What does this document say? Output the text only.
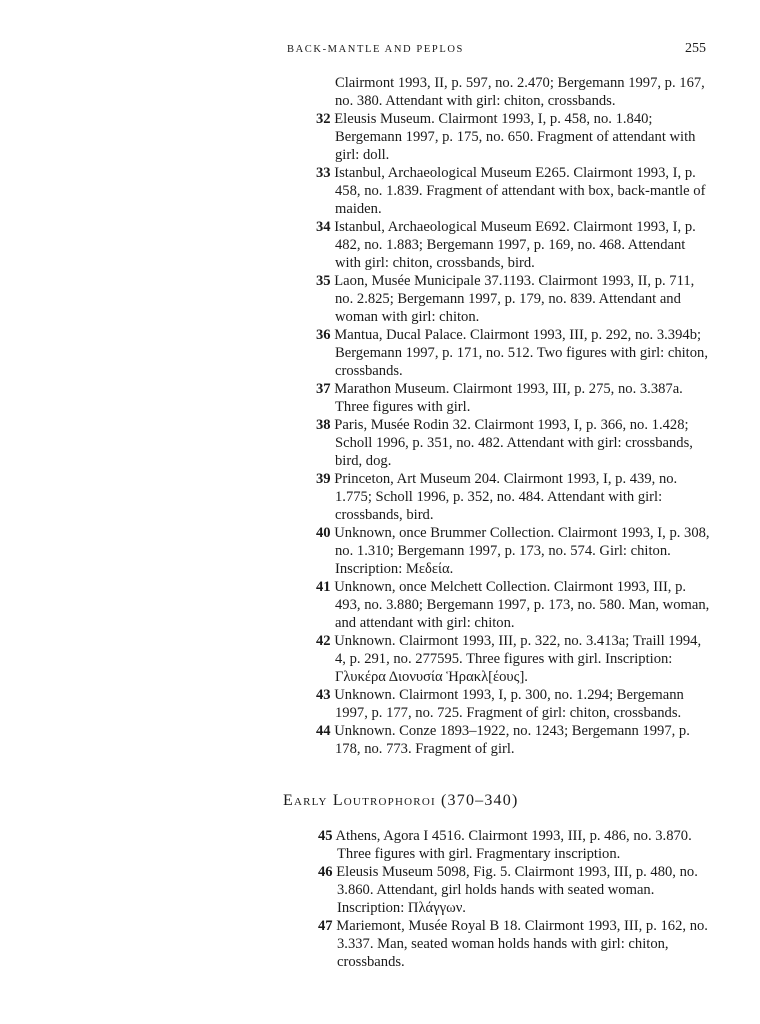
BACK-MANTLE AND PEPLOS	255

Clairmont 1993, II, p. 597, no. 2.470; Bergemann 1997, p. 167, no. 380. Attendant with girl: chiton, crossbands.

32 Eleusis Museum. Clairmont 1993, I, p. 458, no. 1.840; Bergemann 1997, p. 175, no. 650. Fragment of attendant with girl: doll.

33 Istanbul, Archaeological Museum E265. Clairmont 1993, I, p. 458, no. 1.839. Fragment of attendant with box, back-mantle of maiden.

34 Istanbul, Archaeological Museum E692. Clairmont 1993, I, p. 482, no. 1.883; Bergemann 1997, p. 169, no. 468. Attendant with girl: chiton, crossbands, bird.

35 Laon, Musée Municipale 37.1193. Clairmont 1993, II, p. 711, no. 2.825; Bergemann 1997, p. 179, no. 839. Attendant and woman with girl: chiton.

36 Mantua, Ducal Palace. Clairmont 1993, III, p. 292, no. 3.394b; Bergemann 1997, p. 171, no. 512. Two figures with girl: chiton, crossbands.

37 Marathon Museum. Clairmont 1993, III, p. 275, no. 3.387a. Three figures with girl.

38 Paris, Musée Rodin 32. Clairmont 1993, I, p. 366, no. 1.428; Scholl 1996, p. 351, no. 482. Attendant with girl: crossbands, bird, dog.

39 Princeton, Art Museum 204. Clairmont 1993, I, p. 439, no. 1.775; Scholl 1996, p. 352, no. 484. Attendant with girl: crossbands, bird.

40 Unknown, once Brummer Collection. Clairmont 1993, I, p. 308, no. 1.310; Bergemann 1997, p. 173, no. 574. Girl: chiton. Inscription: Μεδεία.

41 Unknown, once Melchett Collection. Clairmont 1993, III, p. 493, no. 3.880; Bergemann 1997, p. 173, no. 580. Man, woman, and attendant with girl: chiton.

42 Unknown. Clairmont 1993, III, p. 322, no. 3.413a; Traill 1994, 4, p. 291, no. 277595. Three figures with girl. Inscription: Γλυκέρα Διονυσία Ἡρακλ[έους].

43 Unknown. Clairmont 1993, I, p. 300, no. 1.294; Bergemann 1997, p. 177, no. 725. Fragment of girl: chiton, crossbands.

44 Unknown. Conze 1893–1922, no. 1243; Bergemann 1997, p. 178, no. 773. Fragment of girl.

Early Loutrophoroi (370–340)

45 Athens, Agora I 4516. Clairmont 1993, III, p. 486, no. 3.870. Three figures with girl. Fragmentary inscription.

46 Eleusis Museum 5098, Fig. 5. Clairmont 1993, III, p. 480, no. 3.860. Attendant, girl holds hands with seated woman. Inscription: Πλάγγων.

47 Mariemont, Musée Royal B 18. Clairmont 1993, III, p. 162, no. 3.337. Man, seated woman holds hands with girl: chiton, crossbands.
